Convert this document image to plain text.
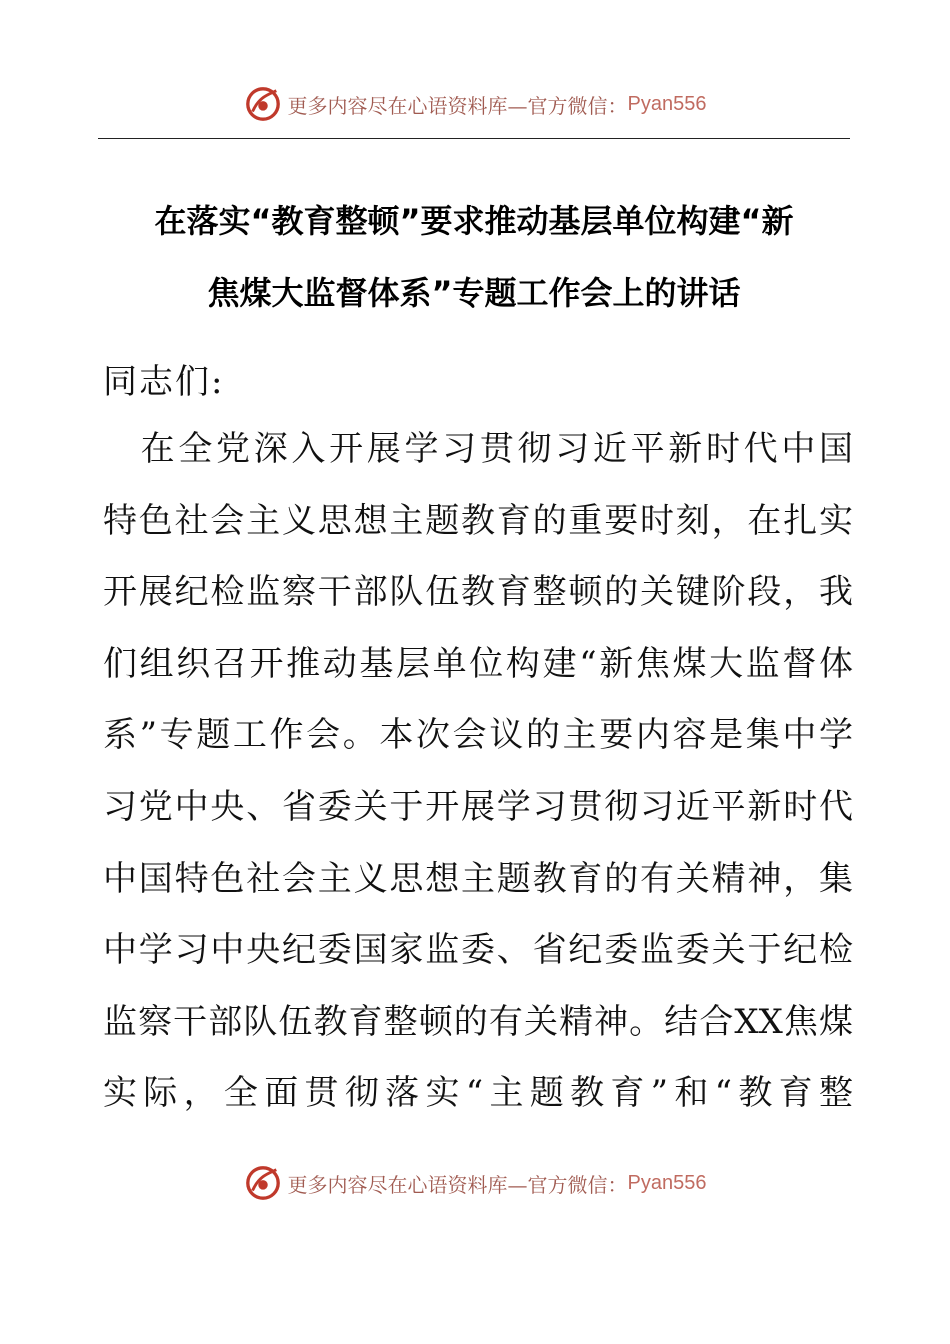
更多内容尽在心语资料库—官方微信： Pyan556
在落实“教育整顿”要求推动基层单位构建“新
焦煤大监督体系”专题工作会上的讲话
同志们:
　在全党深入开展学习贯彻习近平新时代中国
特色社会主义思想主题教育的重要时刻，在扎实
开展纪检监察干部队伍教育整顿的关键阶段，我
们组织召开推动基层单位构建“新焦煤大监督体
系”专题工作会。本次会议的主要内容是集中学
习党中央、省委关于开展学习贯彻习近平新时代
中国特色社会主义思想主题教育的有关精神，集
中学习中央纪委国家监委、省纪委监委关于纪检
监察干部队伍教育整顿的有关精神。结合XX焦煤
实际，全面贯彻落实“主题教育”和“教育整
更多内容尽在心语资料库—官方微信： Pyan556
